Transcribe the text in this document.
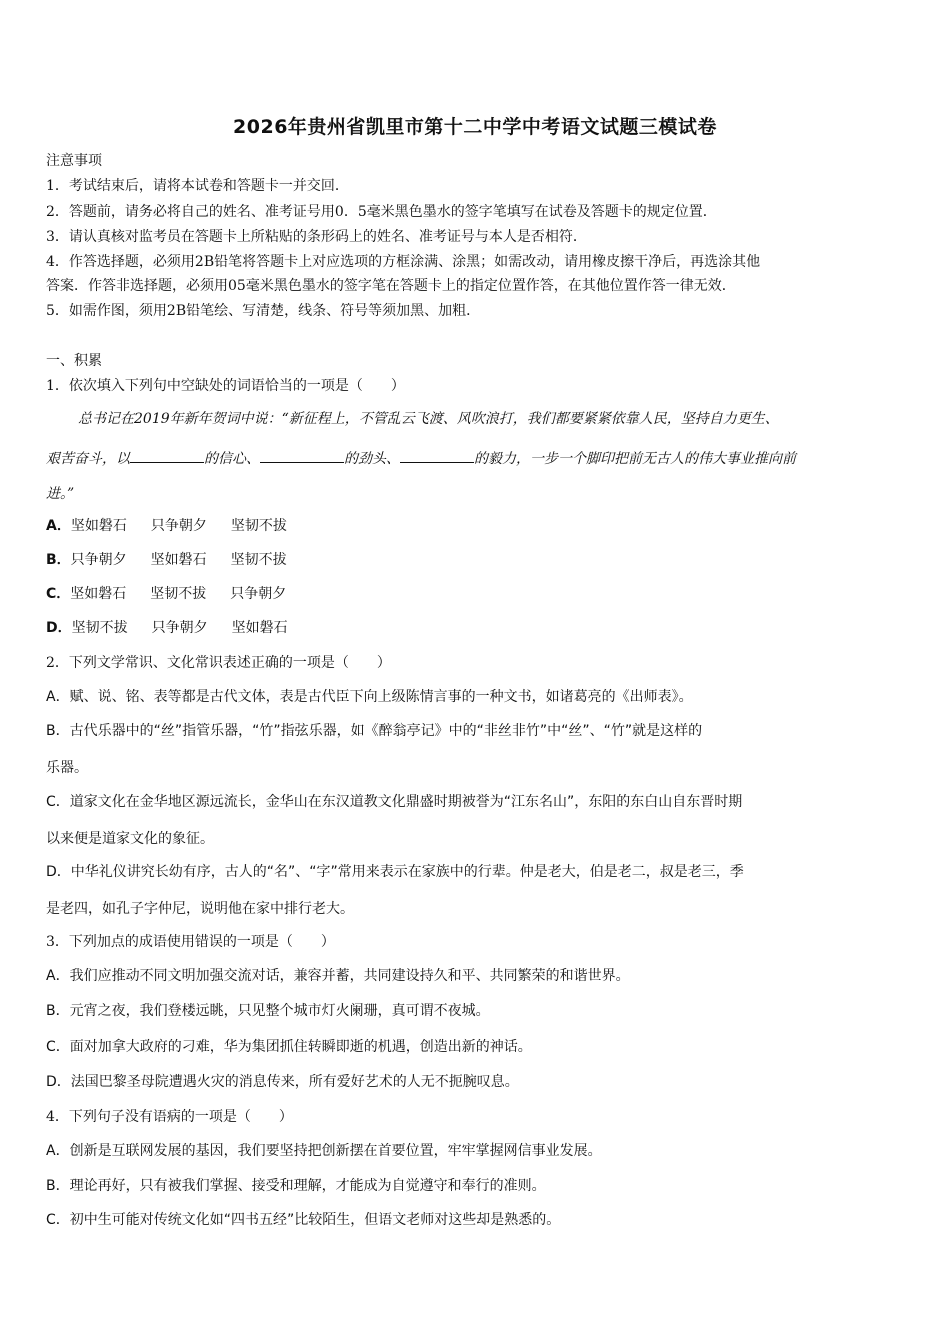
2026年贵州省凯里市第十二中学中考语文试题三模试卷
注意事项
1．考试结束后，请将本试卷和答题卡一并交回．
2．答题前，请务必将自己的姓名、准考证号用0．5毫米黑色墨水的签字笔填写在试卷及答题卡的规定位置．
3．请认真核对监考员在答题卡上所粘贴的条形码上的姓名、准考证号与本人是否相符．
4．作答选择题，必须用2B铅笔将答题卡上对应选项的方框涂满、涂黑；如需改动，请用橡皮擦干净后，再选涂其他
答案．作答非选择题，必须用05毫米黑色墨水的签字笔在答题卡上的指定位置作答，在其他位置作答一律无效．
5．如需作图，须用2B铅笔绘、写清楚，线条、符号等须加黑、加粗．
一、积累
1．依次填入下列句中空缺处的词语恰当的一项是（　　）
总书记在2019年新年贺词中说：“新征程上，不管乱云飞渡、风吹浪打，我们都要紧紧依靠人民，坚持自力更生、
艰苦奋斗，以	的信心、	的劲头、	的毅力，一步一个脚印把前无古人的伟大事业推向前
进。”
A．坚如磐石 只争朝夕 坚韧不拔
B．只争朝夕 坚如磐石 坚韧不拔
C．坚如磐石 坚韧不拔 只争朝夕
D．坚韧不拔 只争朝夕 坚如磐石
2．下列文学常识、文化常识表述正确的一项是（　　）
A．赋、说、铭、表等都是古代文体，表是古代臣下向上级陈情言事的一种文书，如诸葛亮的《出师表》。
B．古代乐器中的“丝”指管乐器，“竹”指弦乐器，如《醉翁亭记》中的“非丝非竹”中“丝”、“竹”就是这样的
乐器。
C．道家文化在金华地区源远流长，金华山在东汉道教文化鼎盛时期被誉为“江东名山”，东阳的东白山自东晋时期
以来便是道家文化的象征。
D．中华礼仪讲究长幼有序，古人的“名”、“字”常用来表示在家族中的行辈。仲是老大，伯是老二，叔是老三，季
是老四，如孔子字仲尼，说明他在家中排行老大。
3．下列加点的成语使用错误的一项是（　　）
A．我们应推动不同文明加强交流对话，兼容并蓄，共同建设持久和平、共同繁荣的和谐世界。
B．元宵之夜，我们登楼远眺，只见整个城市灯火阑珊，真可谓不夜城。
C．面对加拿大政府的刁难，华为集团抓住转瞬即逝的机遇，创造出新的神话。
D．法国巴黎圣母院遭遇火灾的消息传来，所有爱好艺术的人无不扼腕叹息。
4．下列句子没有语病的一项是（　　）
A．创新是互联网发展的基因，我们要坚持把创新摆在首要位置，牢牢掌握网信事业发展。
B．理论再好，只有被我们掌握、接受和理解，才能成为自觉遵守和奉行的准则。
C．初中生可能对传统文化如“四书五经”比较陌生，但语文老师对这些却是熟悉的。
